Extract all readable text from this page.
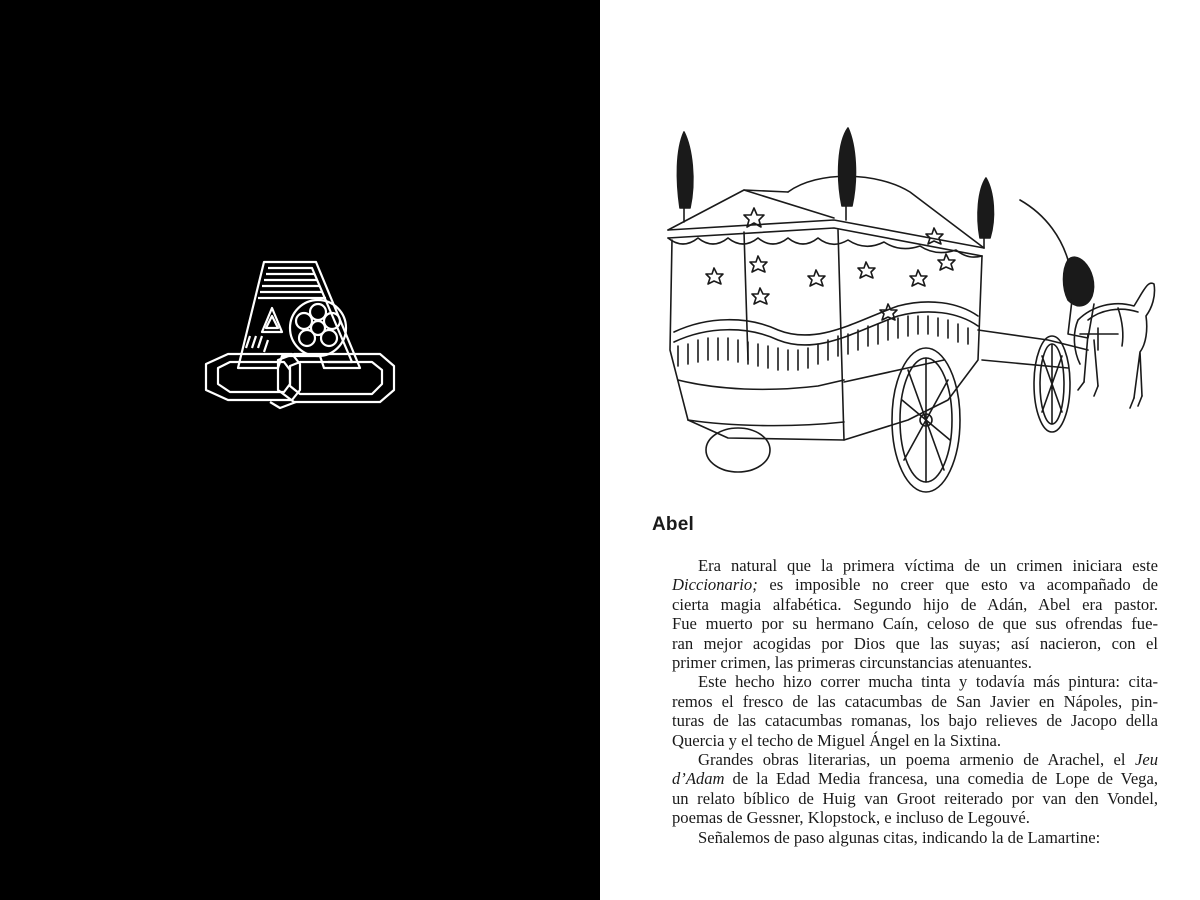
Abel
Era natural que la primera víctima de un crimen iniciara este
Diccionario; es imposible no creer que esto va acompañado de
cierta magia alfabética. Segundo hijo de Adán, Abel era pastor.
Fue muerto por su hermano Caín, celoso de que sus ofrendas fue-
ran mejor acogidas por Dios que las suyas; así nacieron, con el
primer crimen, las primeras circunstancias atenuantes.
Este hecho hizo correr mucha tinta y todavía más pintura: cita-
remos el fresco de las catacumbas de San Javier en Nápoles, pin-
turas de las catacumbas romanas, los bajo relieves de Jacopo della
Quercia y el techo de Miguel Ángel en la Sixtina.
Grandes obras literarias, un poema armenio de Arachel, el Jeu
d’Adam de la Edad Media francesa, una comedia de Lope de Vega,
un relato bíblico de Huig van Groot reiterado por van den Vondel,
poemas de Gessner, Klopstock, e incluso de Legouvé.
Señalemos de paso algunas citas, indicando la de Lamartine:
